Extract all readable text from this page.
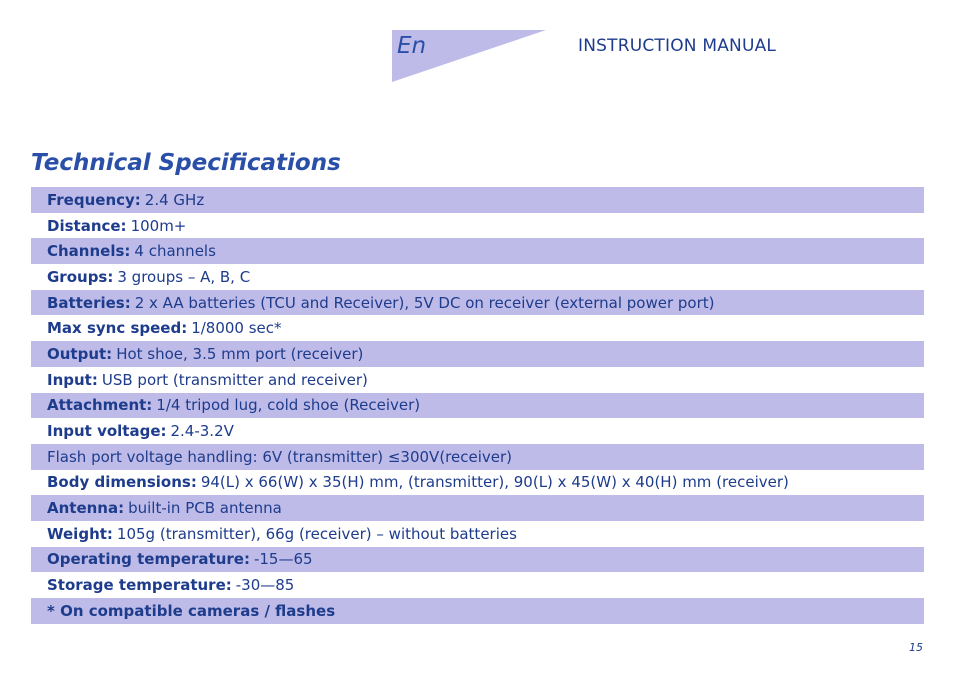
En	INSTRUCTION MANUAL
Technical Specifications
Frequency: 2.4 GHz
Distance: 100m+
Channels: 4 channels
Groups: 3 groups – A, B, C
Batteries: 2 x AA batteries (TCU and Receiver), 5V DC on receiver (external power port)
Max sync speed: 1/8000 sec*
Output: Hot shoe, 3.5 mm port (receiver)
Input: USB port (transmitter and receiver)
Attachment: 1/4 tripod lug, cold shoe (Receiver)
Input voltage: 2.4-3.2V
Flash port voltage handling: 6V (transmitter) ≤300V(receiver)
Body dimensions: 94(L) x 66(W) x 35(H) mm, (transmitter), 90(L) x 45(W) x 40(H) mm (receiver)
Antenna: built-in PCB antenna
Weight: 105g (transmitter), 66g (receiver) – without batteries
Operating temperature: -15—65
Storage temperature: -30—85
* On compatible cameras / flashes
15
